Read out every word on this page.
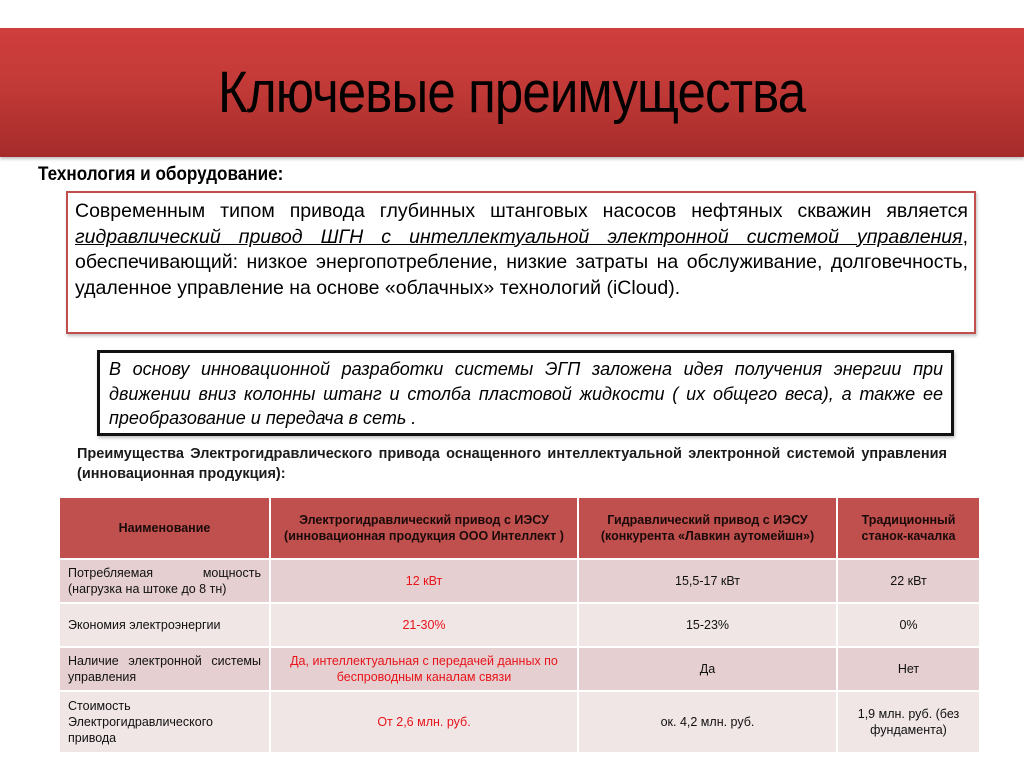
Ключевые преимущества
Технология и оборудование:

Современным типом привода глубинных штанговых насосов нефтяных скважин является гидравлический привод ШГН с интеллектуальной электронной системой управления, обеспечивающий: низкое энергопотребление, низкие затраты на обслуживание, долговечность, удаленное управление на основе «облачных» технологий (iCloud).

В основу инновационной разработки системы ЭГП заложена идея получения энергии при движении вниз колонны штанг и столба пластовой жидкости ( их общего веса), а также ее преобразование и передача в сеть .

Преимущества Электрогидравлического привода оснащенного интеллектуальной электронной системой управления (инновационная продукция):
Наименование	Электрогидравлический привод с ИЭСУ (инновационная продукция ООО Интеллект )	Гидравлический привод с ИЭСУ (конкурента «Лавкин аутомейшн»)	Традиционный станок-качалка
Потребляемая мощность (нагрузка на штоке до 8 тн)	12 кВт	15,5-17 кВт	22 кВт
Экономия электроэнергии	21-30%	15-23%	0%
Наличие электронной системы управления	Да, интеллектуальная с передачей данных по беспроводным каналам связи	Да	Нет
Стоимость Электрогидравлического привода	От 2,6 млн. руб.	ок. 4,2 млн. руб.	1,9 млн. руб. (без фундамента)
